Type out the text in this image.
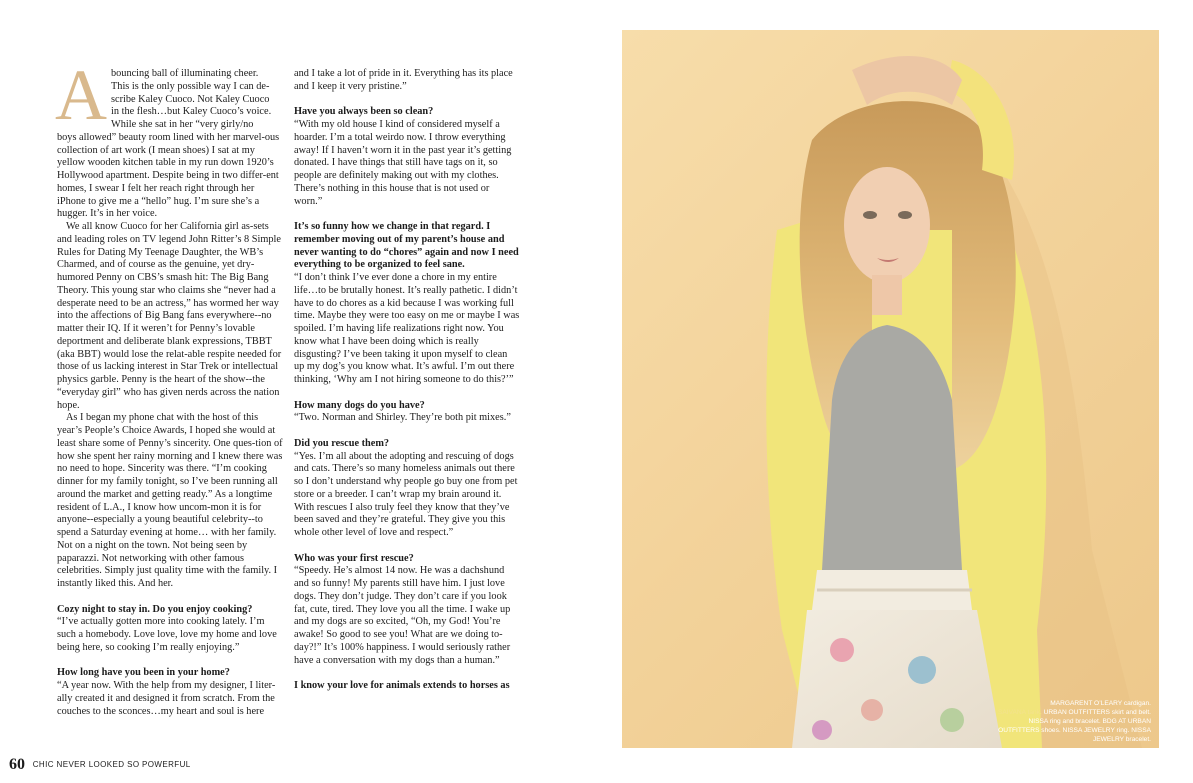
A bouncing ball of illuminating cheer.

This is the only possible way I can de-

scribe Kaley Cuoco. Not Kaley Cuoco

in the flesh…but Kaley Cuoco’s voice.

While she sat in her “very girly/no

boys allowed” beauty room lined with her marvel-ous collection of art work (I mean shoes) I sat at my yellow wooden kitchen table in my run down 1920’s Hollywood apartment. Despite being in two differ-ent homes, I swear I felt her reach right through her iPhone to give me a “hello” hug. I’m sure she’s a hugger. It’s in her voice.

We all know Cuoco for her California girl as-sets and leading roles on TV legend John Ritter’s 8 Simple Rules for Dating My Teenage Daughter, the WB’s Charmed, and of course as the genuine, yet dry-humored Penny on CBS’s smash hit: The Big Bang Theory. This young star who claims she “never had a desperate need to be an actress,” has wormed her way into the affections of Big Bang fans everywhere--no matter their IQ. If it weren’t for Penny’s lovable deportment and deliberate blank expressions, TBBT (aka BBT) would lose the relat-able respite needed for those of us lacking interest in Star Trek or intellectual physics garble. Penny is the heart of the show--the “everyday girl” who has given nerds across the nation hope.

As I began my phone chat with the host of this year’s People’s Choice Awards, I hoped she would at least share some of Penny’s sincerity. One ques-tion of how she spent her rainy morning and I knew there was no need to hope. Sincerity was there. “I’m cooking dinner for my family tonight, so I’ve been running all around the market and getting ready.” As a longtime resident of L.A., I know how uncom-mon it is for anyone--especially a young beautiful celebrity--to spend a Saturday evening at home… with her family. Not on a night on the town. Not being seen by paparazzi. Not networking with other famous celebrities. Simply just quality time with the family. I instantly liked this. And her.

Cozy night to stay in. Do you enjoy cooking?

“I’ve actually gotten more into cooking lately. I’m such a homebody. Love love, love my home and love being here, so cooking I’m really enjoying.”

How long have you been in your home?

“A year now. With the help from my designer, I liter-ally created it and designed it from scratch. From the couches to the sconces…my heart and soul is here

and I take a lot of pride in it. Everything has its place and I keep it very pristine.”

Have you always been so clean?

“With my old house I kind of considered myself a hoarder. I’m a total weirdo now. I throw everything away! If I haven’t worn it in the past year it’s getting donated. I have things that still have tags on it, so people are definitely making out with my clothes. There’s nothing in this house that is not used or worn.”

It’s so funny how we change in that regard. I remember moving out of my parent’s house and never wanting to do “chores” again and now I need everything to be organized to feel sane.

“I don’t think I’ve ever done a chore in my entire life…to be brutally honest. It’s really pathetic. I didn’t have to do chores as a kid because I was working full time. Maybe they were too easy on me or maybe I was spoiled. I’m having life realizations right now. You know what I have been doing which is really disgusting? I’ve been taking it upon myself to clean up my dog’s you know what. It’s awful. I’m out there thinking, ‘Why am I not hiring someone to do this?’”

How many dogs do you have?

“Two. Norman and Shirley. They’re both pit mixes.”

Did you rescue them?

“Yes. I’m all about the adopting and rescuing of dogs and cats. There’s so many homeless animals out there so I don’t understand why people go buy one from pet store or a breeder. I can’t wrap my brain around it. With rescues I also truly feel they know that they’ve been saved and they’re grateful. They give you this whole other level of love and respect.”

Who was your first rescue?

“Speedy. He’s almost 14 now. He was a dachshund and so funny! My parents still have him. I just love dogs. They don’t judge. They don’t care if you look fat, cute, tired. They love you all the time. I wake up and my dogs are so excited, “Oh, my God! You’re awake! So good to see you! What are we doing to-day?!” It’s 100% happiness. I would seriously rather have a conversation with my dogs than a human.”

I know your love for animals extends to horses as

60 CHIC NEVER LOOKED SO POWERFUL
MARGARENT O’LEARY cardigan.
SAIVANA tank. URBAN OUTFITTERS skirt and belt. NISSA ring and bracelet. BDG AT URBAN OUTFITTERS shoes. NISSA JEWELRY ring. NISSA JEWELRY bracelet.
